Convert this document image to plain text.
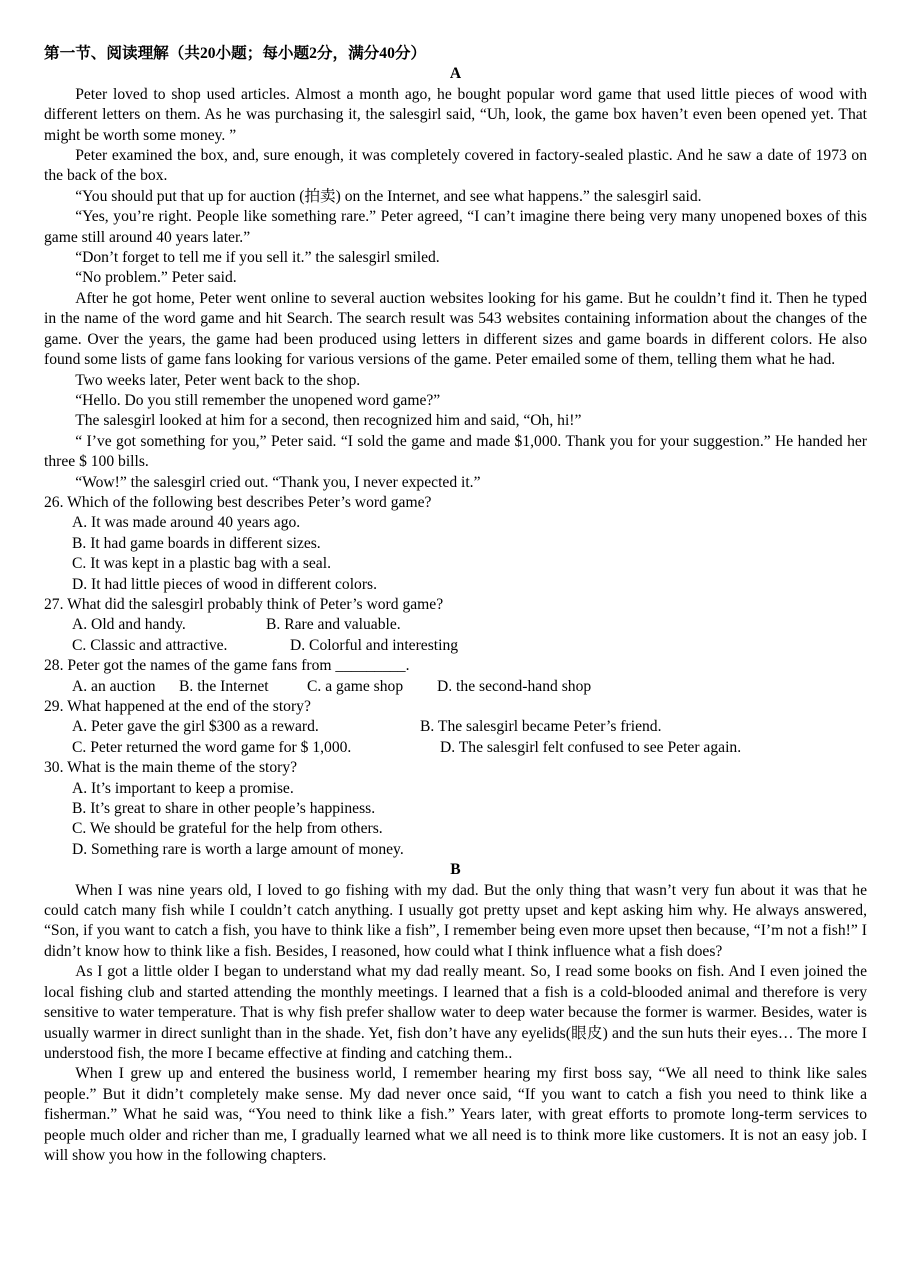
第一节、阅读理解（共20小题；每小题2分，满分40分）
A

Peter loved to shop used articles. Almost a month ago, he bought popular word game that used little pieces of wood with different letters on them. As he was purchasing it, the salesgirl said, “Uh, look, the game box haven’t even been opened yet. That might be worth some money. ”

Peter examined the box, and, sure enough, it was completely covered in factory-sealed plastic. And he saw a date of 1973 on the back of the box.

“You should put that up for auction (拍卖) on the Internet, and see what happens.” the salesgirl said.

“Yes, you’re right. People like something rare.” Peter agreed, “I can’t imagine there being very many unopened boxes of this game still around 40 years later.”

“Don’t forget to tell me if you sell it.” the salesgirl smiled.

“No problem.” Peter said.

After he got home, Peter went online to several auction websites looking for his game. But he couldn’t find it. Then he typed in the name of the word game and hit Search. The search result was 543 websites containing information about the changes of the game. Over the years, the game had been produced using letters in different sizes and game boards in different colors. He also found some lists of game fans looking for various versions of the game. Peter emailed some of them, telling them what he had.

Two weeks later, Peter went back to the shop.

“Hello. Do you still remember the unopened word game?”

The salesgirl looked at him for a second, then recognized him and said, “Oh, hi!”

“ I’ve got something for you,” Peter said. “I sold the game and made $1,000. Thank you for your suggestion.” He handed her three $ 100 bills.

“Wow!” the salesgirl cried out. “Thank you, I never expected it.”

26. Which of the following best describes Peter’s word game?

A. It was made around 40 years ago.

B. It had game boards in different sizes.

C. It was kept in a plastic bag with a seal.

D. It had little pieces of wood in different colors.

27. What did the salesgirl probably think of Peter’s word game?

A. Old and handy.	B. Rare and valuable.
C. Classic and attractive.	D. Colorful and interesting

28. Peter got the names of the game fans from _________.

A. an auction	B. the Internet	C. a game shop	D. the second-hand shop

29. What happened at the end of the story?

A. Peter gave the girl $300 as a reward.	B. The salesgirl became Peter’s friend.
C. Peter returned the word game for $ 1,000.	D. The salesgirl felt confused to see Peter again.

30. What is the main theme of the story?

A. It’s important to keep a promise.

B. It’s great to share in other people’s happiness.

C. We should be grateful for the help from others.

D. Something rare is worth a large amount of money.

B

When I was nine years old, I loved to go fishing with my dad. But the only thing that wasn’t very fun about it was that he could catch many fish while I couldn’t catch anything. I usually got pretty upset and kept asking him why. He always answered, “Son, if you want to catch a fish, you have to think like a fish”, I remember being even more upset then because, “I’m not a fish!” I didn’t know how to think like a fish. Besides, I reasoned, how could what I think influence what a fish does?

As I got a little older I began to understand what my dad really meant. So, I read some books on fish. And I even joined the local fishing club and started attending the monthly meetings. I learned that a fish is a cold-blooded animal and therefore is very sensitive to water temperature. That is why fish prefer shallow water to deep water because the former is warmer. Besides, water is usually warmer in direct sunlight than in the shade. Yet, fish don’t have any eyelids(眼皮) and the sun huts their eyes… The more I understood fish, the more I became effective at finding and catching them..

When I grew up and entered the business world, I remember hearing my first boss say, “We all need to think like sales people.” But it didn’t completely make sense. My dad never once said, “If you want to catch a fish you need to think like a fisherman.” What he said was, “You need to think like a fish.” Years later, with great efforts to promote long-term services to people much older and richer than me, I gradually learned what we all need is to think more like customers. It is not an easy job. I will show you how in the following chapters.
